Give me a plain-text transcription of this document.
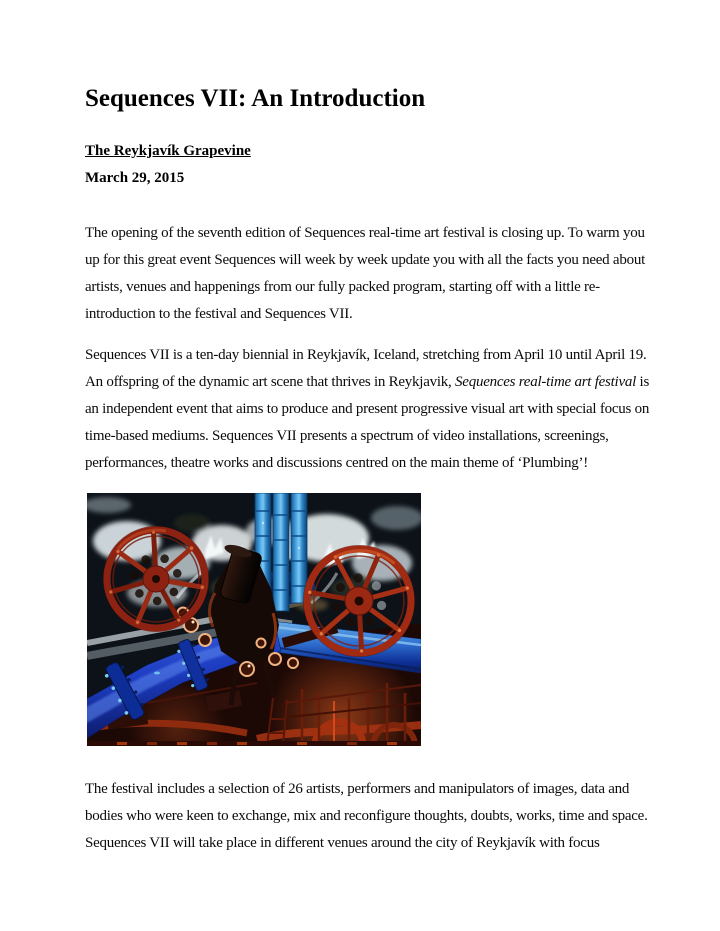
Sequences VII: An Introduction
The Reykjavík Grapevine
March 29, 2015

The opening of the seventh edition of Sequences real-time art festival is closing up. To warm you up for this great event Sequences will week by week update you with all the facts you need about artists, venues and happenings from our fully packed program, starting off with a little re-introduction to the festival and Sequences VII.

Sequences VII is a ten-day biennial in Reykjavík, Iceland, stretching from April 10 until April 19. An offspring of the dynamic art scene that thrives in Reykjavik, Sequences real-time art festival is an independent event that aims to produce and present progressive visual art with special focus on time-based mediums. Sequences VII presents a spectrum of video installations, screenings, performances, theatre works and discussions centred on the main theme of ‘Plumbing’!

The festival includes a selection of 26 artists, performers and manipulators of images, data and bodies who were keen to exchange, mix and reconfigure thoughts, doubts, works, time and space. Sequences VII will take place in different venues around the city of Reykjavík with focus
